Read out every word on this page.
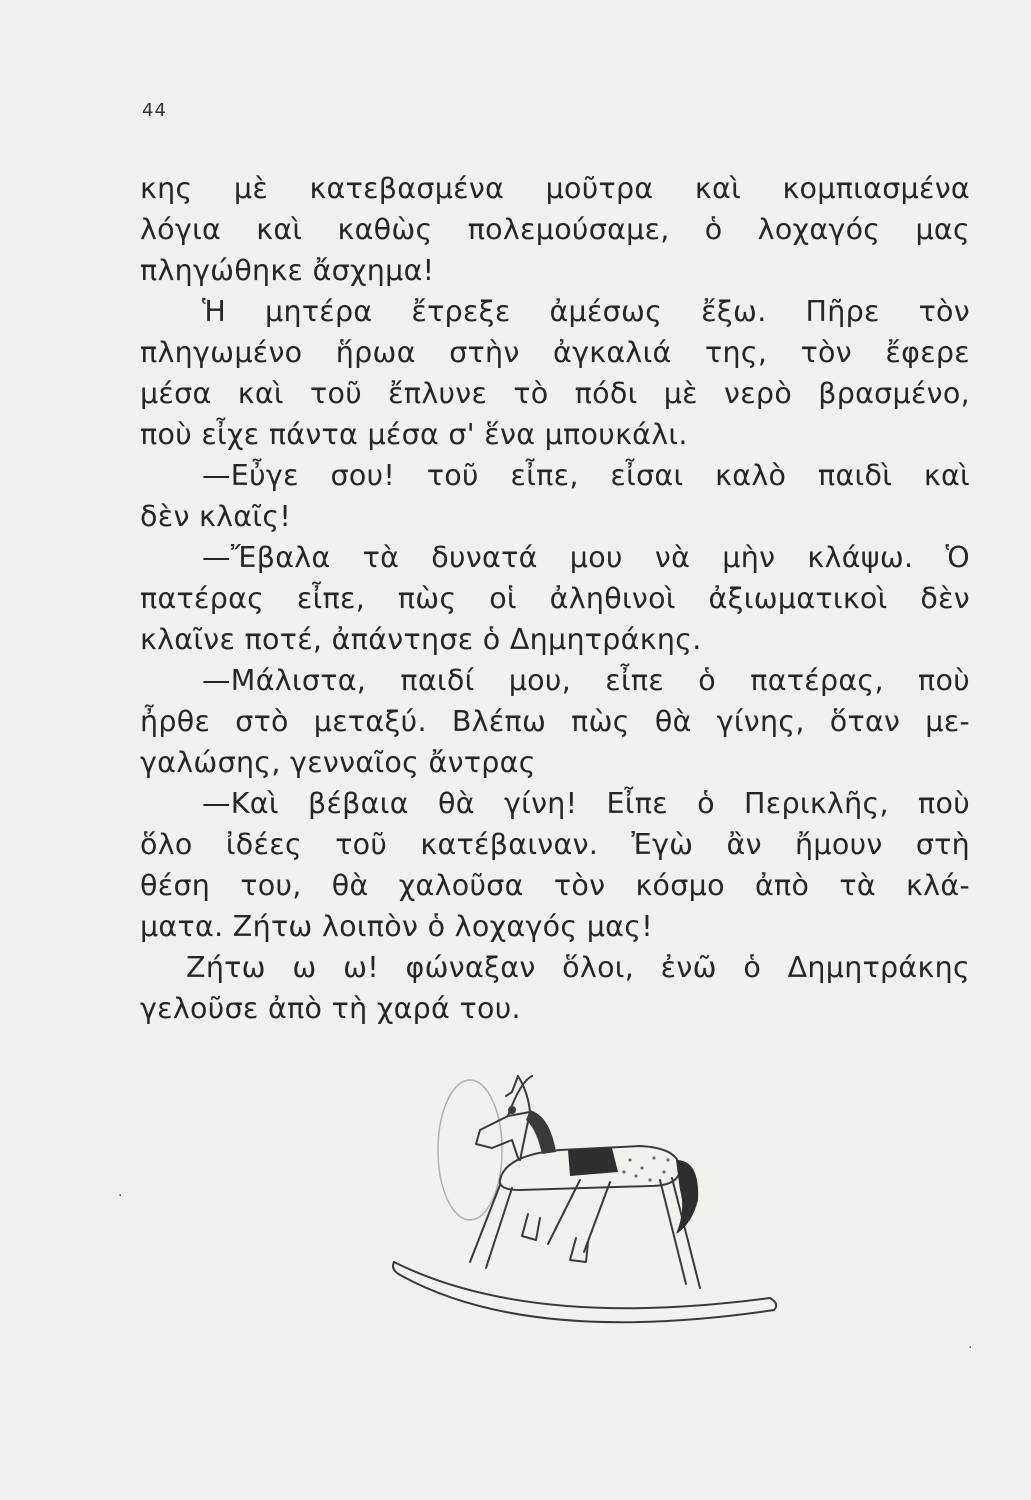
44
κης μὲ κατεβασμένα μοῦτρα καὶ κομπιασμένα
λόγια καὶ καθὼς πολεμούσαμε, ὁ λοχαγός μας
πληγώθηκε ἄσχημα!
Ἡ μητέρα ἔτρεξε ἀμέσως ἔξω. Πῆρε τὸν
πληγωμένο ἥρωα στὴν ἀγκαλιά της, τὸν ἔφερε
μέσα καὶ τοῦ ἔπλυνε τὸ πόδι μὲ νερὸ βρασμένο,
ποὺ εἶχε πάντα μέσα σ' ἕνα μπουκάλι.
—Εὖγε σου! τοῦ εἶπε, εἶσαι καλὸ παιδὶ καὶ
δὲν κλαῖς!
—Ἔβαλα τὰ δυνατά μου νὰ μὴν κλάψω. Ὁ
πατέρας εἶπε, πὼς οἱ ἀληθινοὶ ἀξιωματικοὶ δὲν
κλαῖνε ποτέ, ἀπάντησε ὁ Δημητράκης.
—Μάλιστα, παιδί μου, εἶπε ὁ πατέρας, ποὺ
ἦρθε στὸ μεταξύ. Βλέπω πὼς θὰ γίνης, ὅταν με-
γαλώσης, γενναῖος ἄντρας
—Καὶ βέβαια θὰ γίνη! Εἶπε ὁ Περικλῆς, ποὺ
ὅλο ἰδέες τοῦ κατέβαιναν. Ἐγὼ ἂν ἤμουν στὴ
θέση του, θὰ χαλοῦσα τὸν κόσμο ἀπὸ τὰ κλά-
ματα. Ζήτω λοιπὸν ὁ λοχαγός μας!
Ζήτω ω ω! φώναξαν ὅλοι, ἐνῶ ὁ Δημητράκης
γελοῦσε ἀπὸ τὴ χαρά του.
·
·
